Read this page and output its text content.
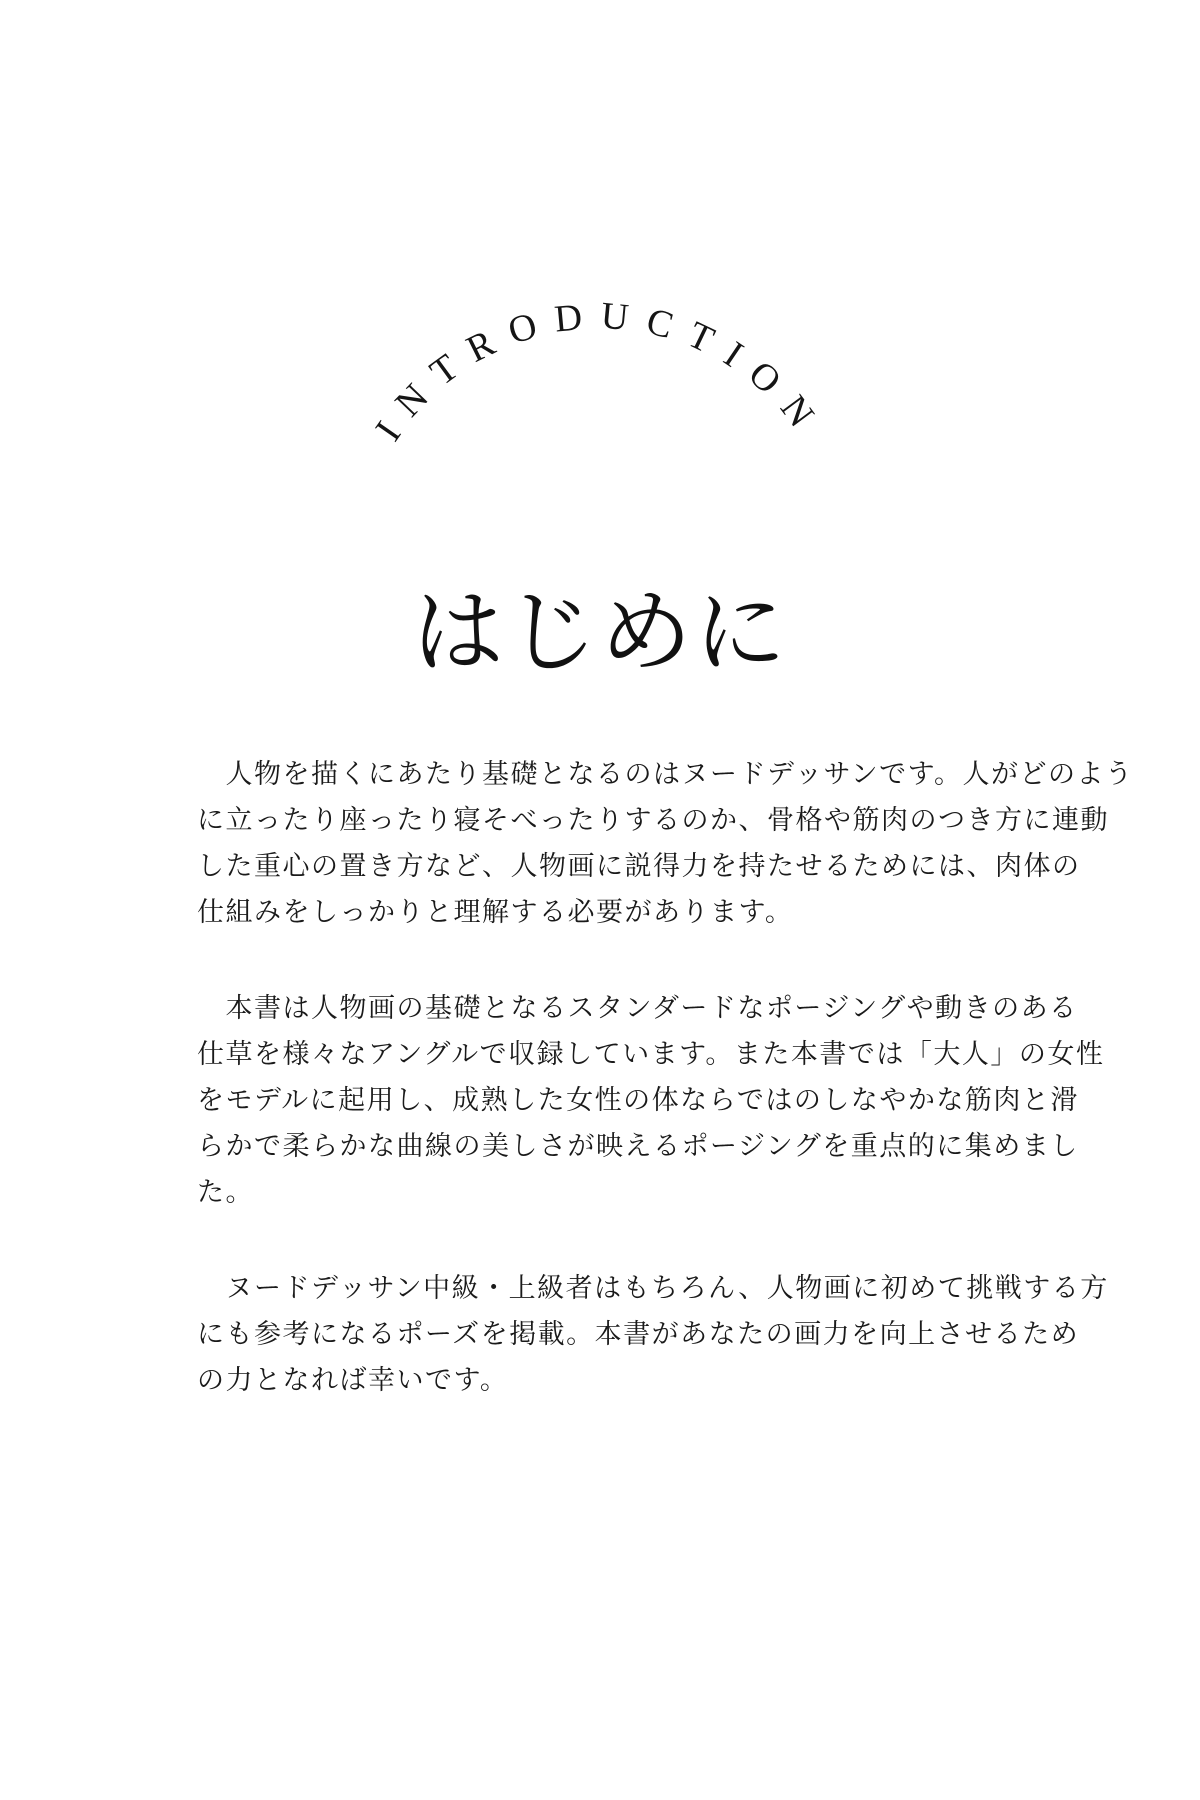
INTRODUCTION
はじめに

　人物を描くにあたり基礎となるのはヌードデッサンです。人がどのよう
に立ったり座ったり寝そべったりするのか、骨格や筋肉のつき方に連動
した重心の置き方など、人物画に説得力を持たせるためには、肉体の
仕組みをしっかりと理解する必要があります。

　本書は人物画の基礎となるスタンダードなポージングや動きのある
仕草を様々なアングルで収録しています。また本書では「大人」の女性
をモデルに起用し、成熟した女性の体ならではのしなやかな筋肉と滑
らかで柔らかな曲線の美しさが映えるポージングを重点的に集めまし
た。

　ヌードデッサン中級・上級者はもちろん、人物画に初めて挑戦する方
にも参考になるポーズを掲載。本書があなたの画力を向上させるため
の力となれば幸いです。
